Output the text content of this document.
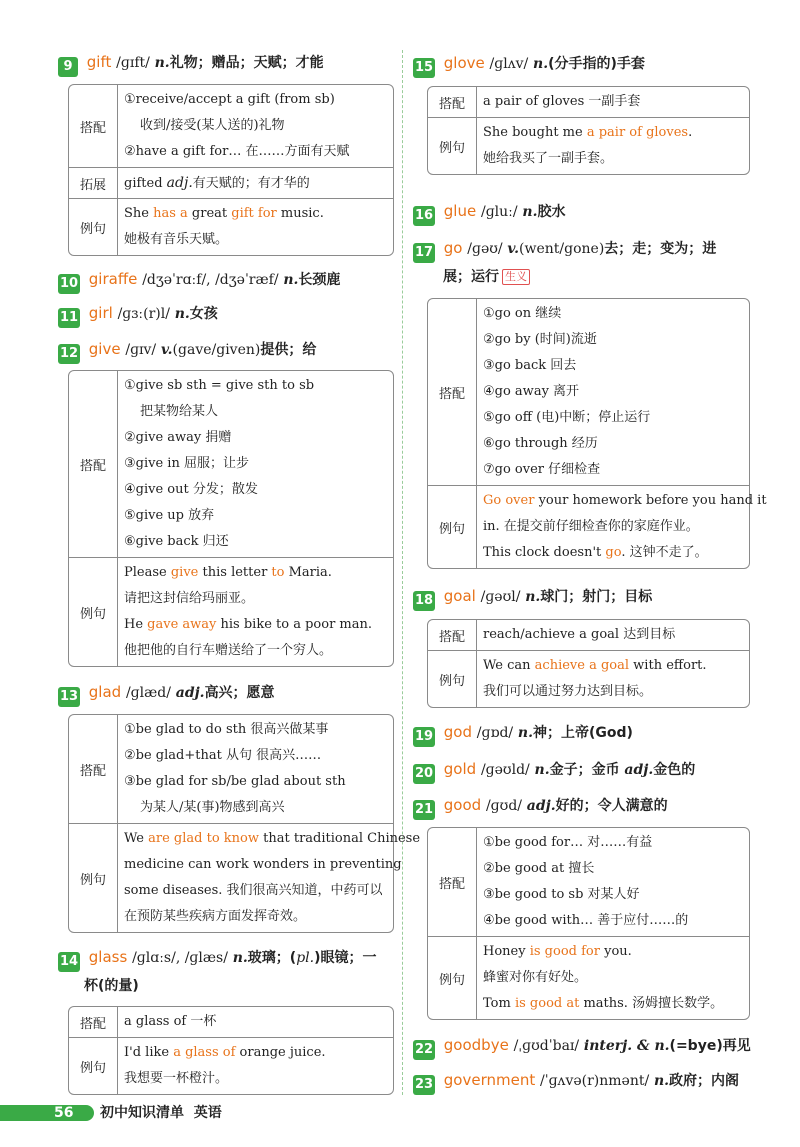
9 gift /ɡɪft/ n.礼物；赠品；天赋；才能
搭配
①receive/accept a gift (from sb)
收到/接受(某人送的)礼物
②have a gift for… 在……方面有天赋
拓展	gifted adj.有天赋的；有才华的
例句
She has a great gift for music.
她极有音乐天赋。
10 giraffe /dʒəˈrɑːf/, /dʒəˈræf/ n.长颈鹿
11 girl /ɡɜː(r)l/ n.女孩
12 give /ɡɪv/ v.(gave/given)提供；给
搭配
①give sb sth = give sth to sb
把某物给某人
②give away 捐赠
③give in 屈服；让步
④give out 分发；散发
⑤give up 放弃
⑥give back 归还
例句
Please give this letter to Maria.
请把这封信给玛丽亚。
He gave away his bike to a poor man.
他把他的自行车赠送给了一个穷人。
13 glad /ɡlæd/ adj.高兴；愿意
搭配
①be glad to do sth 很高兴做某事
②be glad+that 从句 很高兴……
③be glad for sb/be glad about sth
为某人/某(事)物感到高兴
例句
We are glad to know that traditional Chinese
medicine can work wonders in preventing
some diseases. 我们很高兴知道，中药可以
在预防某些疾病方面发挥奇效。
14 glass /ɡlɑːs/, /ɡlæs/ n.玻璃；(pl.)眼镜；一
杯(的量)
搭配	a glass of 一杯
例句
I'd like a glass of orange juice.
我想要一杯橙汁。
15 glove /ɡlʌv/ n.(分手指的)手套
搭配	a pair of gloves 一副手套
例句
She bought me a pair of gloves.
她给我买了一副手套。
16 glue /ɡluː/ n.胶水
17 go /ɡəʊ/ v.(went/gone)去；走；变为；进
展；运行 生义
搭配
①go on 继续
②go by (时间)流逝
③go back 回去
④go away 离开
⑤go off (电)中断；停止运行
⑥go through 经历
⑦go over 仔细检查
例句
Go over your homework before you hand it
in. 在提交前仔细检查你的家庭作业。
This clock doesn't go. 这钟不走了。
18 goal /ɡəʊl/ n.球门；射门；目标
搭配	reach/achieve a goal 达到目标
例句
We can achieve a goal with effort.
我们可以通过努力达到目标。
19 god /ɡɒd/ n.神；上帝(God)
20 gold /ɡəʊld/ n.金子；金币 adj.金色的
21 good /ɡʊd/ adj.好的；令人满意的
搭配
①be good for… 对……有益
②be good at 擅长
③be good to sb 对某人好
④be good with… 善于应付……的
例句
Honey is good for you.
蜂蜜对你有好处。
Tom is good at maths. 汤姆擅长数学。
22 goodbye /ˌɡʊdˈbaɪ/ interj. & n.(=bye)再见
23 government /ˈɡʌvə(r)nmənt/ n.政府；内阁
56	初中知识清单 英语
